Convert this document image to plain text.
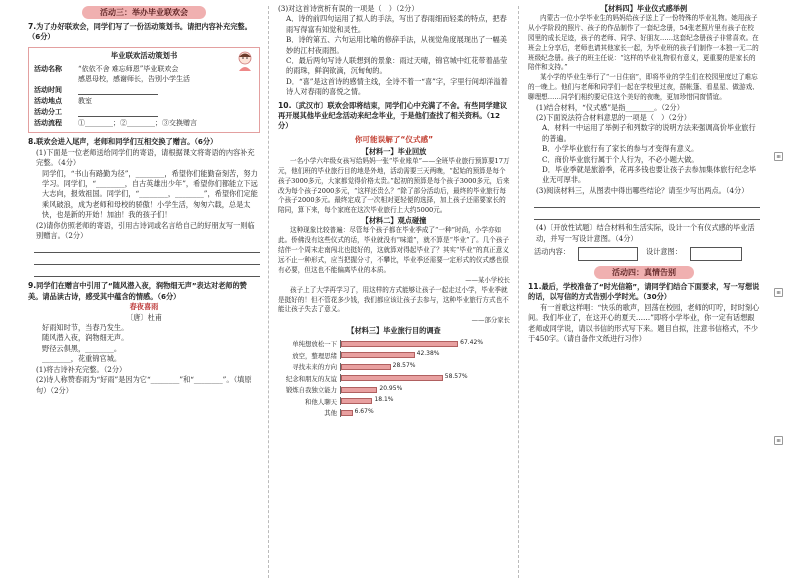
活动三：举办毕业联欢会
7.为了办好联欢会，同学们写了一份活动策划书。请把内容补充完整。（6分）
毕业联欢活动策划书
活动名称	“依依不舍 难忘师恩”毕业联欢会
感恩母校，感谢师长，告别小学生活
活动时间
活动地点	教室
活动分工
活动流程	①________；②________；③交换赠言
8.联欢会进入尾声，老师和同学们互相交换了赠言。（6分）
(1)下面是一位老师送给同学们的寄语，请根据课文将寄语的内容补充完整。（4分）
同学们，“书山有路勤为径”，________，希望你们能勤奋刻苦，努力学习。同学们，“________，自古英雄出少年”，希望你们都能立下远大志向，报效祖国。同学们，“________，________”，希望你们定能乘风破浪，成为老师和母校的骄傲！小学生活，匆匆六载，总是太快，也是新的开始！加油！我的孩子们！
(2)请你仿照老师的寄语，引用古诗词或名言给自己的好朋友写一则临别赠言。（2分）
9.同学们在赠言中引用了“随风潜入夜，润物细无声”表达对老师的赞美。请品读古诗，感受其中蕴含的情感。（6分）
春夜喜雨
〔唐〕杜甫
好雨知时节，当春乃发生。
随风潜入夜，润物细无声。
野径云俱黑，________。
________，花重锦官城。
(1)将古诗补充完整。（2分）
(2)诗人称赞春雨为“好雨”是因为它“________”和“________”。（填原句）（2分）
(3)对这首诗赏析有误的一项是（　）（2分）
A．诗的前四句运用了拟人的手法，写出了春雨细而轻柔的特点，把春雨写得富有知觉和灵性。
B．诗的第五、六句运用比喻的修辞手法，从视觉角度展现出了一幅美妙的江村夜雨图。
C．最后两句写诗人联想到的景象：雨过天晴，锦官城中红花带着晶莹的雨珠，鲜润欲滴，沉甸甸的。
D．“喜”是这首诗的感情主线，全诗不着一“喜”字，字里行间却洋溢着诗人对春雨的喜悦之情。
10.〔武汉市〕联欢会即将结束，同学们心中充满了不舍。有些同学建议再开展其他毕业纪念活动来纪念毕业，于是他们查找了相关资料。（12分）
你可能误解了“仪式感”
【材料一】毕业回放
一名小学六年级女孩写给妈妈一张“毕业账单”——全班毕业旅行预算要17万元，他们班的毕业旅行目的地是外地，活动需要三天两晚，“起始的预算是每个孩子3000多元，大家都觉得价格太贵。”起初的预算是每个孩子3000多元，后来改为每个孩子2000多元，“这样还贵么？”除了部分活动后，最终的毕业旅行每个孩子2000多元。最终定成了一次相对更轻便的选择，加上孩子还需要家长的陪同，算下来，每个家庭在这次毕业旅行上大约5000元。
【材料二】观点碰撞
这种现象比较普遍：尽管每个孩子都在毕业季成了“一种”时尚，小学亦如此。侨佛没有这些仪式的话，毕业就没有“味道”，就不算是“毕业”了。几个孩子结伴一个周末走南闯北也挺好的，这就算对得起毕业了？其实“毕业”的真正意义远不止一种形式，应当把握分寸，不攀比，毕业季还需要一定形式的仪式感也很有必要，但这也不能偏离毕业的本质。
——某小学校长
孩子上了大学再学习了，用这样的方式能够让孩子一起走过小学，毕业季就是挺好的！但不管花多少钱，我们都应该让孩子去参与，这种毕业旅行方式也不能让孩子失去了意义。
——部分家长
【材料三】毕业旅行目的调查
单纯想放松一下	67.42%
放空，整理思绪	42.38%
寻找未来的方向	28.57%
纪念和朋友的友谊	58.57%
锻炼自我独立能力	20.95%
和他人聊天	18.1%
其他	6.67%
【材料四】毕业仪式感举例
内蒙古一位小学毕业生的妈妈给孩子送上了一份特殊的毕业礼物。她用孩子从小学阶段的照片、孩子的作品制作了一套纪念册，54张老照片里有孩子在校园里的成长足迹，孩子的老师、同学、好朋友……这套纪念册孩子非常喜欢。在班会上分享后，老师也请其他家长一起，为毕业班的孩子们制作一本独一无二的班级纪念册。孩子的班主任说：“这样的毕业礼物很有意义，更重要的是家长的陪伴和支持。”
某小学的毕业生举行了“一日住宿”，即将毕业的学生们在校园里度过了难忘的一晚上。他们与老师和同学们一起在学校里过夜，搭帐篷、看星星、做游戏、聊理想……同学们相约要记住这个美好的夜晚，更加珍惜同窗情谊。
(1)结合材料，“仪式感”是指________。（2分）
(2)下面说法符合材料意思的一项是（　）（2分）
A．材料一中运用了举例子和列数字的说明方法来强调高价毕业旅行的普遍。
B．小学毕业旅行有了家长的参与才变得有意义。
C．商价毕业旅行属于个人行为，不必小题大做。
D．毕业季就是旅游季，花再多钱也要让孩子去参加集体旅行纪念毕业无可厚非。
(3)阅读材料三，从图表中得出哪些结论？请至少写出两点。（4分）
(4)〔开放性试题〕结合材料和生活实际，设计一个有仪式感的毕业活动，并写一写设计意图。（4分）
活动内容：	设计意图：
活动四：真情告别
11.最后，学校准备了“时光信箱”，请同学们结合下面要求，写一写想说的话，以写信的方式告别小学时光。（30分）
有一首歌这样唱：“快乐的歌声，回荡在校园，老师的叮咛，时时刻心间。我们毕业了，在这开心的夏天……”即将小学毕业，你一定有话想跟老师或同学说，请以书信的形式写下来。题目自拟，注意书信格式，不少于450字。（请自备作文纸进行习作）
⊞
⊞
⊞
